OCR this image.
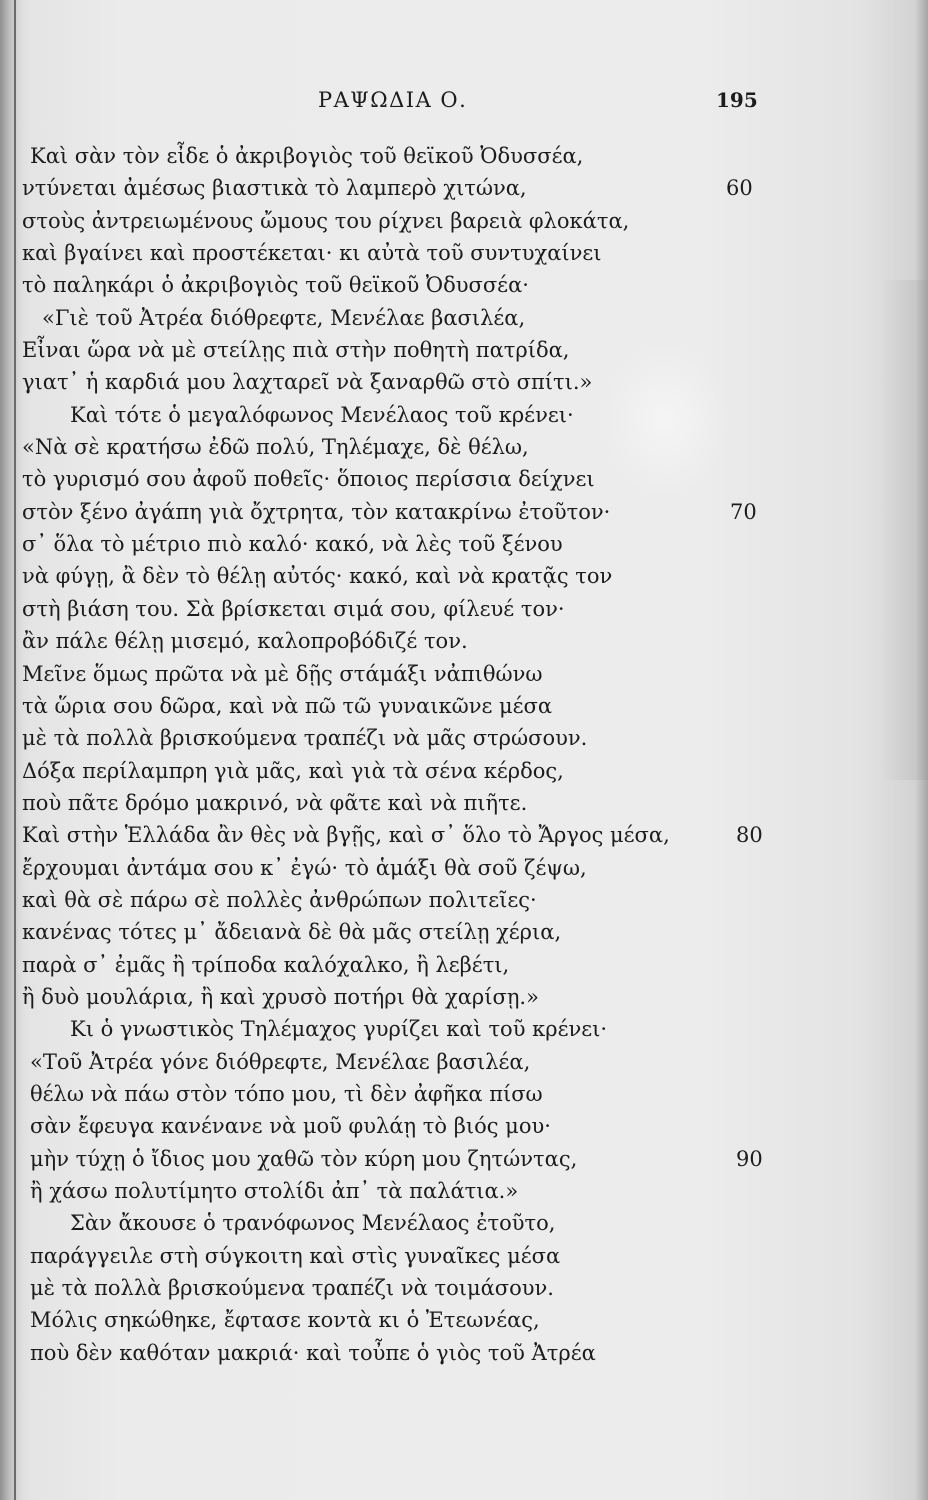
ΡΑΨΩΔΙΑ Ο.	195
Καὶ σὰν τὸν εἶδε ὁ ἀκριβογιὸς τοῦ θεϊκοῦ Ὀδυσσέα,
ντύνεται ἀμέσως βιαστικὰ τὸ λαμπερὸ χιτώνα,	60
στοὺς ἀντρειωμένους ὤμους του ρίχνει βαρειὰ φλοκάτα,
καὶ βγαίνει καὶ προστέκεται· κι αὐτὰ τοῦ συντυχαίνει
τὸ παληκάρι ὁ ἀκριβογιὸς τοῦ θεϊκοῦ Ὀδυσσέα·
«Γιὲ τοῦ Ἀτρέα διόθρεφτε, Μενέλαε βασιλέα,
Εἶναι ὥρα νὰ μὲ στείλῃς πιὰ στὴν ποθητὴ πατρίδα,
γιατ᾽ ἡ καρδιά μου λαχταρεῖ νὰ ξαναρθῶ στὸ σπίτι.»
Καὶ τότε ὁ μεγαλόφωνος Μενέλαος τοῦ κρένει·
«Νὰ σὲ κρατήσω ἐδῶ πολύ, Τηλέμαχε, δὲ θέλω,
τὸ γυρισμό σου ἀφοῦ ποθεῖς· ὅποιος περίσσια δείχνει
στὸν ξένο ἀγάπη γιὰ ὄχτρητα, τὸν κατακρίνω ἐτοῦτον·	70
σ᾽ ὅλα τὸ μέτριο πιὸ καλό· κακό, νὰ λὲς τοῦ ξένου
νὰ φύγῃ, ἂ δὲν τὸ θέλῃ αὐτός· κακό, καὶ νὰ κρατᾷς τον
στὴ βιάση του. Σὰ βρίσκεται σιμά σου, φίλευέ τον·
ἂν πάλε θέλῃ μισεμό, καλοπροβόδιζέ τον.
Μεῖνε ὅμως πρῶτα νὰ μὲ δῇς στάμάξι νἀπιθώνω
τὰ ὥρια σου δῶρα, καὶ νὰ πῶ τῶ γυναικῶνε μέσα
μὲ τὰ πολλὰ βρισκούμενα τραπέζι νὰ μᾶς στρώσουν.
Δόξα περίλαμπρη γιὰ μᾶς, καὶ γιὰ τὰ σένα κέρδος,
ποὺ πᾶτε δρόμο μακρινό, νὰ φᾶτε καὶ νὰ πιῆτε.
Καὶ στὴν Ἑλλάδα ἂν θὲς νὰ βγῇς, καὶ σ᾽ ὅλο τὸ Ἄργος μέσα,	80
ἔρχουμαι ἀντάμα σου κ᾽ ἐγώ· τὸ ἁμάξι θὰ σοῦ ζέψω,
καὶ θὰ σὲ πάρω σὲ πολλὲς ἀνθρώπων πολιτεῖες·
κανένας τότες μ᾽ ἄδειανὰ δὲ θὰ μᾶς στείλῃ χέρια,
παρὰ σ᾽ ἐμᾶς ἢ τρίποδα καλόχαλκο, ἢ λεβέτι,
ἢ δυὸ μουλάρια, ἢ καὶ χρυσὸ ποτήρι θὰ χαρίσῃ.»
Κι ὁ γνωστικὸς Τηλέμαχος γυρίζει καὶ τοῦ κρένει·
«Τοῦ Ἀτρέα γόνε διόθρεφτε, Μενέλαε βασιλέα,
θέλω νὰ πάω στὸν τόπο μου, τὶ δὲν ἀφῆκα πίσω
σὰν ἔφευγα κανένανε νὰ μοῦ φυλάῃ τὸ βιός μου·
μὴν τύχῃ ὁ ἴδιος μου χαθῶ τὸν κύρη μου ζητώντας,	90
ἢ χάσω πολυτίμητο στολίδι ἀπ᾽ τὰ παλάτια.»
Σὰν ἄκουσε ὁ τρανόφωνος Μενέλαος ἐτοῦτο,
παράγγειλε στὴ σύγκοιτη καὶ στὶς γυναῖκες μέσα
μὲ τὰ πολλὰ βρισκούμενα τραπέζι νὰ τοιμάσουν.
Μόλις σηκώθηκε, ἔφτασε κοντὰ κι ὁ Ἐτεωνέας,
ποὺ δὲν καθόταν μακριά· καὶ τοὖπε ὁ γιὸς τοῦ Ἀτρέα
